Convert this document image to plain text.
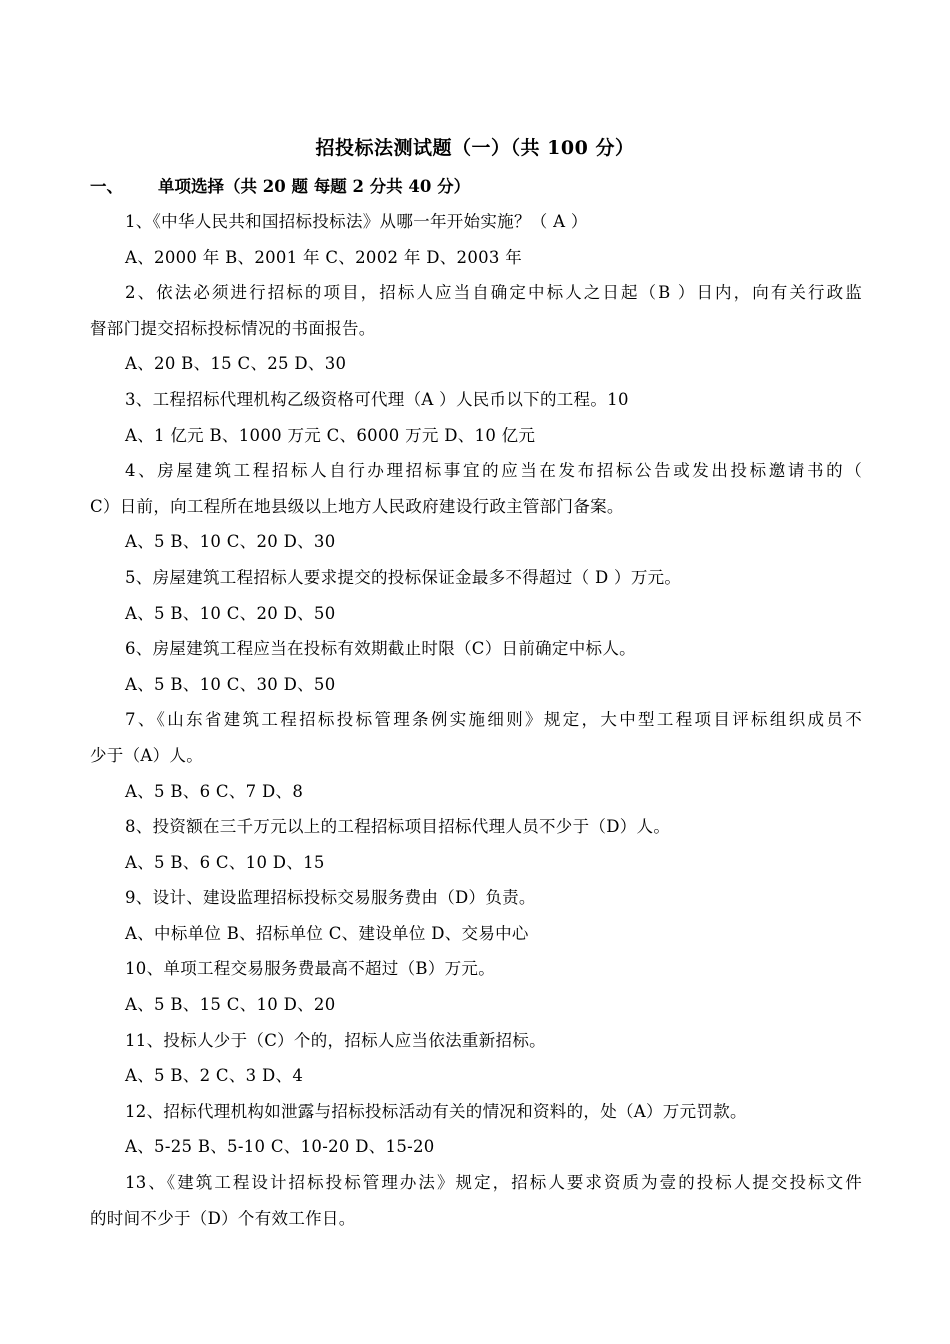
招投标法测试题（一）（共 100 分）
一、 单项选择（共 20 题 每题 2 分共 40 分）
1、《中华人民共和国招标投标法》从哪一年开始实施？（ A ）
A、2000 年 B、2001 年 C、2002 年 D、2003 年
2、依法必须进行招标的项目，招标人应当自确定中标人之日起（B ）日内，向有关行政监
督部门提交招标投标情况的书面报告。
A、20 B、15 C、25 D、30
3、工程招标代理机构乙级资格可代理（A ）人民币以下的工程。10
A、1 亿元 B、1000 万元 C、6000 万元 D、10 亿元
4、房屋建筑工程招标人自行办理招标事宜的应当在发布招标公告或发出投标邀请书的（
C）日前，向工程所在地县级以上地方人民政府建设行政主管部门备案。
A、5 B、10 C、20 D、30
5、房屋建筑工程招标人要求提交的投标保证金最多不得超过（ D ）万元。
A、5 B、10 C、20 D、50
6、房屋建筑工程应当在投标有效期截止时限（C）日前确定中标人。
A、5 B、10 C、30 D、50
7、《山东省建筑工程招标投标管理条例实施细则》规定，大中型工程项目评标组织成员不
少于（A）人。
A、5 B、6 C、7 D、8
8、投资额在三千万元以上的工程招标项目招标代理人员不少于（D）人。
A、5 B、6 C、10 D、15
9、设计、建设监理招标投标交易服务费由（D）负责。
A、中标单位 B、招标单位 C、建设单位 D、交易中心
10、单项工程交易服务费最高不超过（B）万元。
A、5 B、15 C、10 D、20
11、投标人少于（C）个的，招标人应当依法重新招标。
A、5 B、2 C、3 D、4
12、招标代理机构如泄露与招标投标活动有关的情况和资料的，处（A）万元罚款。
A、5-25 B、5-10 C、10-20 D、15-20
13、《建筑工程设计招标投标管理办法》规定，招标人要求资质为壹的投标人提交投标文件
的时间不少于（D）个有效工作日。
